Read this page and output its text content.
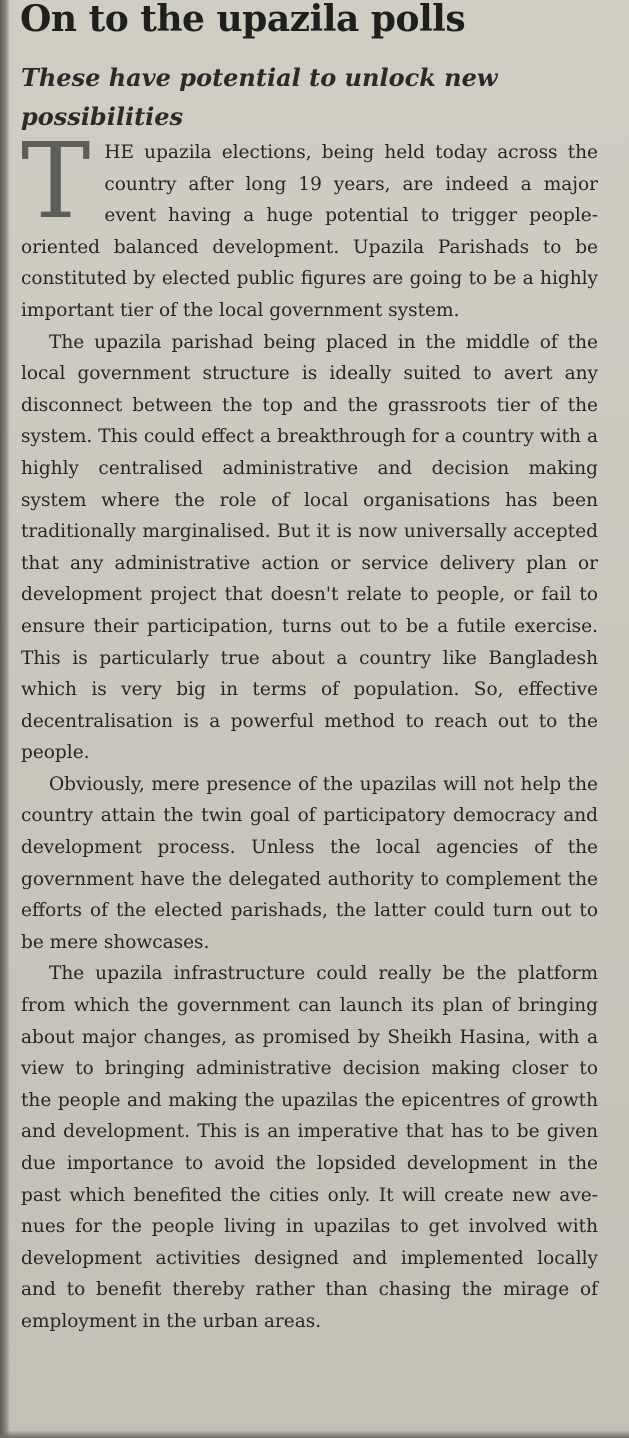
On to the upazila polls
These have potential to unlock new possibilities
T HE upazila elections, being held today across the country after long 19 years, are indeed a major event having a huge potential to trigger people-oriented balanced development. Upazila Parishads to be constituted by elected public figures are going to be a highly important tier of the local government system.

The upazila parishad being placed in the middle of the local government structure is ideally suited to avert any disconnect between the top and the grassroots tier of the system. This could effect a breakthrough for a country with a highly centralised administrative and decision making system where the role of local organisations has been traditionally marginalised. But it is now universally accepted that any administrative action or service delivery plan or development project that doesn't relate to people, or fail to ensure their participation, turns out to be a futile exercise. This is particularly true about a country like Bangladesh which is very big in terms of population. So, effective decentralisation is a powerful method to reach out to the people.

Obviously, mere presence of the upazilas will not help the country attain the twin goal of participatory democracy and development process. Unless the local agencies of the government have the delegated authority to complement the efforts of the elected parishads, the latter could turn out to be mere showcases.

The upazila infrastructure could really be the platform from which the government can launch its plan of bringing about major changes, as promised by Sheikh Hasina, with a view to bringing administrative decision making closer to the people and making the upazilas the epicentres of growth and development. This is an imperative that has to be given due importance to avoid the lopsided development in the past which benefited the cities only. It will create new avenues for the people living in upazilas to get involved with development activities designed and implemented locally and to benefit thereby rather than chasing the mirage of employment in the urban areas.
